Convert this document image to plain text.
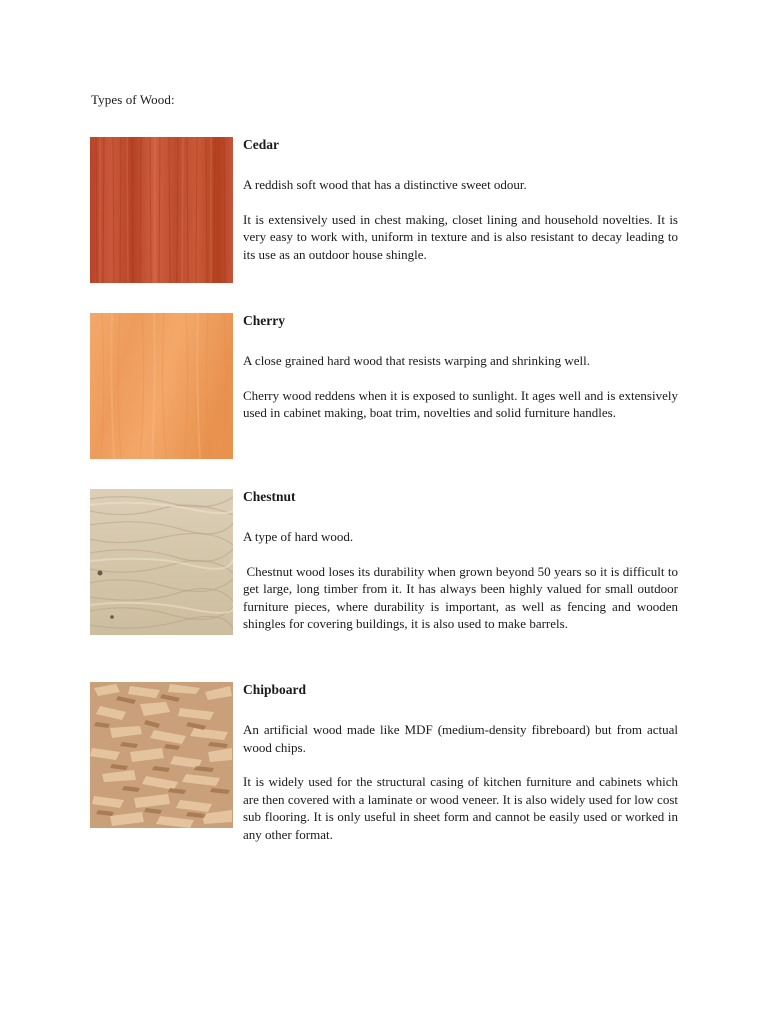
Types of Wood:
Cedar

A reddish soft wood that has a distinctive sweet odour.

It is extensively used in chest making, closet lining and household novelties. It is very easy to work with, uniform in texture and is also resistant to decay leading to its use as an outdoor house shingle.

Cherry

A close grained hard wood that resists warping and shrinking well.

Cherry wood reddens when it is exposed to sunlight. It ages well and is extensively used in cabinet making, boat trim, novelties and solid furniture handles.

Chestnut

A type of hard wood.

Chestnut wood loses its durability when grown beyond 50 years so it is difficult to get large, long timber from it. It has always been highly valued for small outdoor furniture pieces, where durability is important, as well as fencing and wooden shingles for covering buildings, it is also used to make barrels.

Chipboard

An artificial wood made like MDF (medium-density fibreboard) but from actual wood chips.

It is widely used for the structural casing of kitchen furniture and cabinets which are then covered with a laminate or wood veneer. It is also widely used for low cost sub flooring. It is only useful in sheet form and cannot be easily used or worked in any other format.
